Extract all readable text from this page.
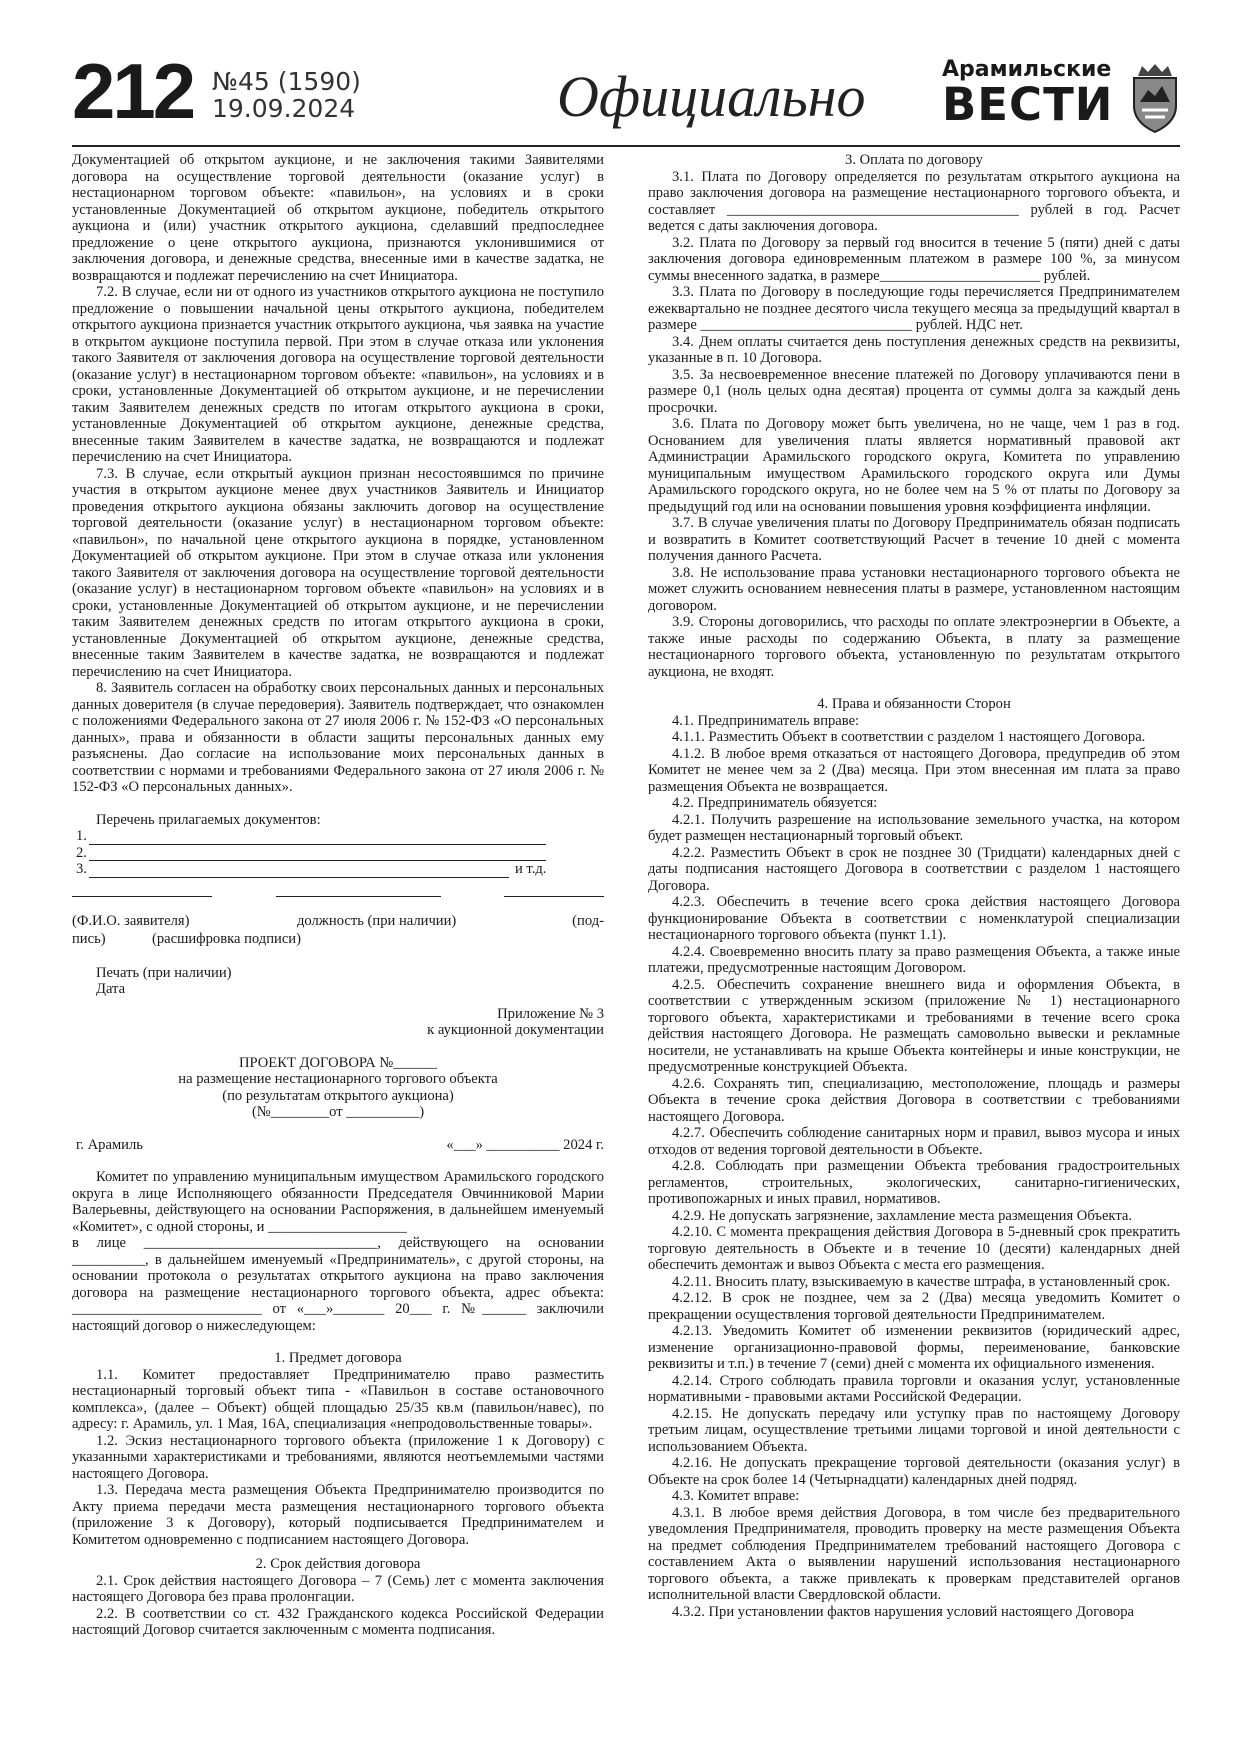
212 №45 (1590)
19.09.2024	Официально	Арамильские
ВЕСТИ

Документацией об открытом аукционе, и не заключения такими Заявителями договора на осуществление торговой деятельности (оказание услуг) в нестационарном торговом объекте: «павильон», на условиях и в сроки установленные Документацией об открытом аукционе, победитель открытого аукциона и (или) участник открытого аукциона, сделавший предпоследнее предложение о цене открытого аукциона, признаются уклонившимися от заключения договора, и денежные средства, внесенные ими в качестве задатка, не возвращаются и подлежат перечислению на счет Инициатора.

7.2. В случае, если ни от одного из участников открытого аукциона не поступило предложение о повышении начальной цены открытого аукциона, победителем открытого аукциона признается участник открытого аукциона, чья заявка на участие в открытом аукционе поступила первой. При этом в случае отказа или уклонения такого Заявителя от заключения договора на осуществление торговой деятельности (оказание услуг) в нестационарном торговом объекте: «павильон», на условиях и в сроки, установленные Документацией об открытом аукционе, и не перечислении таким Заявителем денежных средств по итогам открытого аукциона в сроки, установленные Документацией об открытом аукционе, денежные средства, внесенные таким Заявителем в качестве задатка, не возвращаются и подлежат перечислению на счет Инициатора.

7.3. В случае, если открытый аукцион признан несостоявшимся по причине участия в открытом аукционе менее двух участников Заявитель и Инициатор проведения открытого аукциона обязаны заключить договор на осуществление торговой деятельности (оказание услуг) в нестационарном торговом объекте: «павильон», по начальной цене открытого аукциона в порядке, установленном Документацией об открытом аукционе. При этом в случае отказа или уклонения такого Заявителя от заключения договора на осуществление торговой деятельности (оказание услуг) в нестационарном торговом объекте «павильон» на условиях и в сроки, установленные Документацией об открытом аукционе, и не перечислении таким Заявителем денежных средств по итогам открытого аукциона в сроки, установленные Документацией об открытом аукционе, денежные средства, внесенные таким Заявителем в качестве задатка, не возвращаются и подлежат перечислению на счет Инициатора.

8. Заявитель согласен на обработку своих персональных данных и персональных данных доверителя (в случае передоверия). Заявитель подтверждает, что ознакомлен с положениями Федерального закона от 27 июля 2006 г. № 152-ФЗ «О персональных данных», права и обязанности в области защиты персональных данных ему разъяснены. Дао согласие на использование моих персональных данных в соответствии с нормами и требованиями Федерального закона от 27 июля 2006 г. № 152-ФЗ «О персональных данных».

Перечень прилагаемых документов:

1.
2.
3.	и т.д.
(Ф.И.О. заявителя)	должность (при наличии)	(под-
пись)	(расшифровка подписи)

Печать (при наличии)

Дата

Приложение № 3

к аукционной документации

ПРОЕКТ ДОГОВОРА №______

на размещение нестационарного торгового объекта

(по результатам открытого аукциона)

(№________от __________)

г. Арамиль	«___» __________ 2024 г.

Комитет по управлению муниципальным имуществом Арамильского городского округа в лице Исполняющего обязанности Председателя Овчинниковой Марии Валерьевны, действующего на основании Распоряжения, в дальнейшем именуемый «Комитет», с одной стороны, и ___________________

в лице ________________________________, действующего на основании __________, в дальнейшем именуемый «Предприниматель», с другой стороны, на основании протокола о результатах открытого аукциона на право заключения договора на размещение нестационарного торгового объекта, адрес объекта: __________________________ от «___»_______ 20___ г. №______ заключили настоящий договор о нижеследующем:

1. Предмет договора

1.1. Комитет предоставляет Предпринимателю право разместить нестационарный торговый объект типа - «Павильон в составе остановочного комплекса», (далее – Объект) общей площадью 25/35 кв.м (павильон/навес), по адресу: г. Арамиль, ул. 1 Мая, 16А, специализация «непродовольственные товары».

1.2. Эскиз нестационарного торгового объекта (приложение 1 к Договору) с указанными характеристиками и требованиями, являются неотъемлемыми частями настоящего Договора.

1.3. Передача места размещения Объекта Предпринимателю производится по Акту приема передачи места размещения нестационарного торгового объекта (приложение 3 к Договору), который подписывается Предпринимателем и Комитетом одновременно с подписанием настоящего Договора.

2. Срок действия договора

2.1. Срок действия настоящего Договора – 7 (Семь) лет с момента заключения настоящего Договора без права пролонгации.

2.2. В соответствии со ст. 432 Гражданского кодекса Российской Федерации настоящий Договор считается заключенным с момента подписания.

3. Оплата по договору

3.1. Плата по Договору определяется по результатам открытого аукциона на право заключения договора на размещение нестационарного торгового объекта, и составляет ________________________________________ рублей в год. Расчет ведется с даты заключения договора.

3.2. Плата по Договору за первый год вносится в течение 5 (пяти) дней с даты заключения договора единовременным платежом в размере 100 %, за минусом суммы внесенного задатка, в размере______________________ рублей.

3.3. Плата по Договору в последующие годы перечисляется Предпринимателем ежеквартально не позднее десятого числа текущего месяца за предыдущий квартал в размере _____________________________ рублей. НДС нет.

3.4. Днем оплаты считается день поступления денежных средств на реквизиты, указанные в п. 10 Договора.

3.5. За несвоевременное внесение платежей по Договору уплачиваются пени в размере 0,1 (ноль целых одна десятая) процента от суммы долга за каждый день просрочки.

3.6. Плата по Договору может быть увеличена, но не чаще, чем 1 раз в год. Основанием для увеличения платы является нормативный правовой акт Администрации Арамильского городского округа, Комитета по управлению муниципальным имуществом Арамильского городского округа или Думы Арамильского городского округа, но не более чем на 5 % от платы по Договору за предыдущий год или на основании повышения уровня коэффициента инфляции.

3.7. В случае увеличения платы по Договору Предприниматель обязан подписать и возвратить в Комитет соответствующий Расчет в течение 10 дней с момента получения данного Расчета.

3.8. Не использование права установки нестационарного торгового объекта не может служить основанием невнесения платы в размере, установленном настоящим договором.

3.9. Стороны договорились, что расходы по оплате электроэнергии в Объекте, а также иные расходы по содержанию Объекта, в плату за размещение нестационарного торгового объекта, установленную по результатам открытого аукциона, не входят.

4. Права и обязанности Сторон

4.1. Предприниматель вправе:

4.1.1. Разместить Объект в соответствии с разделом 1 настоящего Договора.

4.1.2. В любое время отказаться от настоящего Договора, предупредив об этом Комитет не менее чем за 2 (Два) месяца. При этом внесенная им плата за право размещения Объекта не возвращается.

4.2. Предприниматель обязуется:

4.2.1. Получить разрешение на использование земельного участка, на котором будет размещен нестационарный торговый объект.

4.2.2. Разместить Объект в срок не позднее 30 (Тридцати) календарных дней с даты подписания настоящего Договора в соответствии с разделом 1 настоящего Договора.

4.2.3. Обеспечить в течение всего срока действия настоящего Договора функционирование Объекта в соответствии с номенклатурой специализации нестационарного торгового объекта (пункт 1.1).

4.2.4. Своевременно вносить плату за право размещения Объекта, а также иные платежи, предусмотренные настоящим Договором.

4.2.5. Обеспечить сохранение внешнего вида и оформления Объекта, в соответствии с утвержденным эскизом (приложение № 1) нестационарного торгового объекта, характеристиками и требованиями в течение всего срока действия настоящего Договора. Не размещать самовольно вывески и рекламные носители, не устанавливать на крыше Объекта контейнеры и иные конструкции, не предусмотренные конструкцией Объекта.

4.2.6. Сохранять тип, специализацию, местоположение, площадь и размеры Объекта в течение срока действия Договора в соответствии с требованиями настоящего Договора.

4.2.7. Обеспечить соблюдение санитарных норм и правил, вывоз мусора и иных отходов от ведения торговой деятельности в Объекте.

4.2.8. Соблюдать при размещении Объекта требования градостроительных регламентов, строительных, экологических, санитарно-гигиенических, противопожарных и иных правил, нормативов.

4.2.9. Не допускать загрязнение, захламление места размещения Объекта.

4.2.10. С момента прекращения действия Договора в 5-дневный срок прекратить торговую деятельность в Объекте и в течение 10 (десяти) календарных дней обеспечить демонтаж и вывоз Объекта с места его размещения.

4.2.11. Вносить плату, взыскиваемую в качестве штрафа, в установленный срок.

4.2.12. В срок не позднее, чем за 2 (Два) месяца уведомить Комитет о прекращении осуществления торговой деятельности Предпринимателем.

4.2.13. Уведомить Комитет об изменении реквизитов (юридический адрес, изменение организационно-правовой формы, переименование, банковские реквизиты и т.п.) в течение 7 (семи) дней с момента их официального изменения.

4.2.14. Строго соблюдать правила торговли и оказания услуг, установленные нормативными - правовыми актами Российской Федерации.

4.2.15. Не допускать передачу или уступку прав по настоящему Договору третьим лицам, осуществление третьими лицами торговой и иной деятельности с использованием Объекта.

4.2.16. Не допускать прекращение торговой деятельности (оказания услуг) в Объекте на срок более 14 (Четырнадцати) календарных дней подряд.

4.3. Комитет вправе:

4.3.1. В любое время действия Договора, в том числе без предварительного уведомления Предпринимателя, проводить проверку на месте размещения Объекта на предмет соблюдения Предпринимателем требований настоящего Договора с составлением Акта о выявлении нарушений использования нестационарного торгового объекта, а также привлекать к проверкам представителей органов исполнительной власти Свердловской области.

4.3.2. При установлении фактов нарушения условий настоящего Договора
